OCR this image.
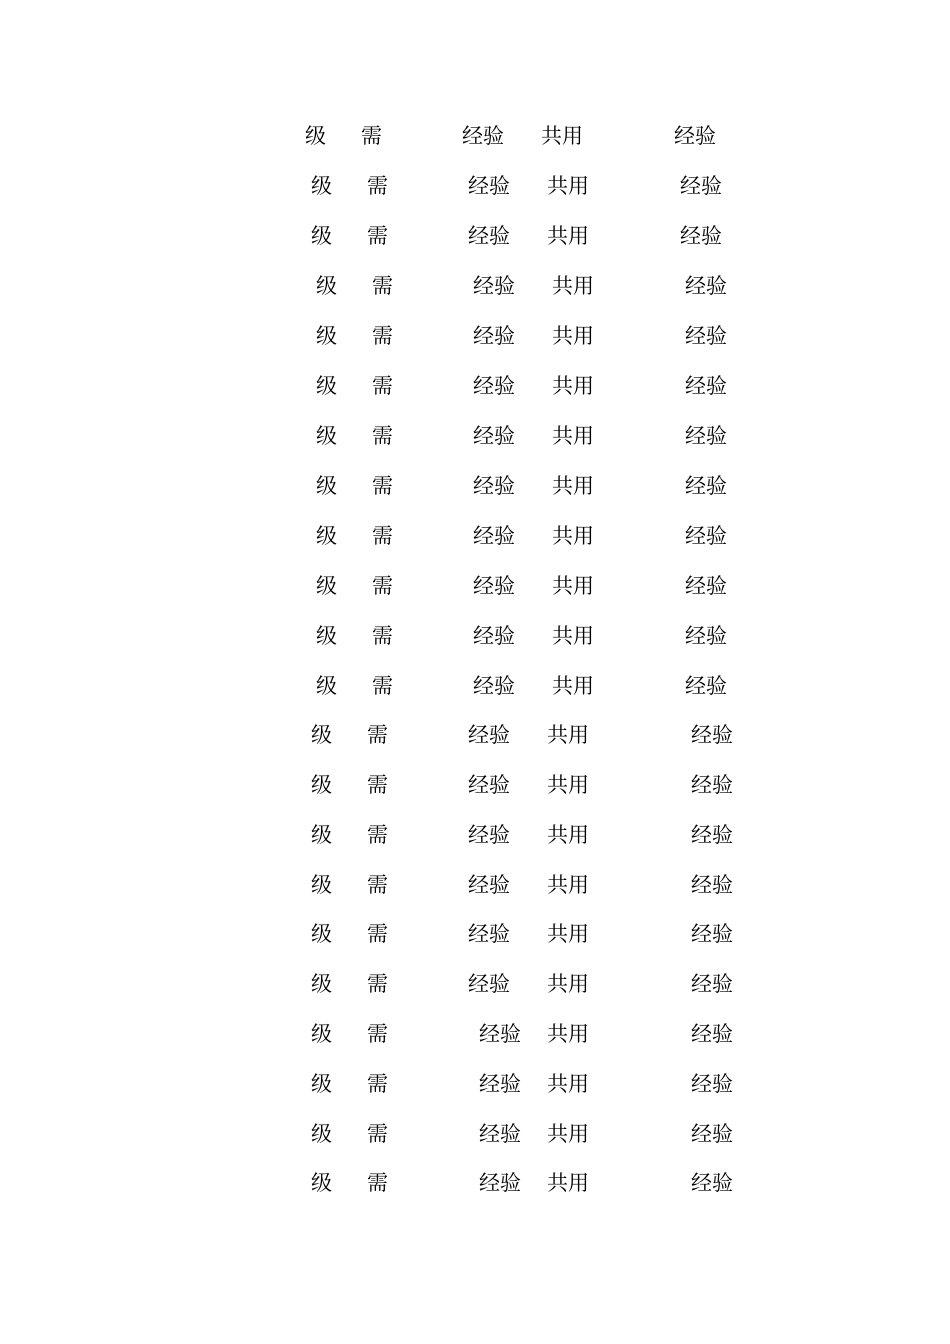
级 需	经验 共用	经验
级 需	经验 共用	经验
级 需	经验 共用	经验
级 需	经验 共用	经验
级 需	经验 共用	经验
级 需	经验 共用	经验
级 需	经验 共用	经验
级 需	经验 共用	经验
级 需	经验 共用	经验
级 需	经验 共用	经验
级 需	经验 共用	经验
级 需	经验 共用	经验
级 需	经验 共用	经验
级 需	经验 共用	经验
级 需	经验 共用	经验
级 需	经验 共用	经验
级 需	经验 共用	经验
级 需	经验 共用	经验
级 需	经验 共用	经验
级 需	经验 共用	经验
级 需	经验 共用	经验
级 需	经验 共用	经验
